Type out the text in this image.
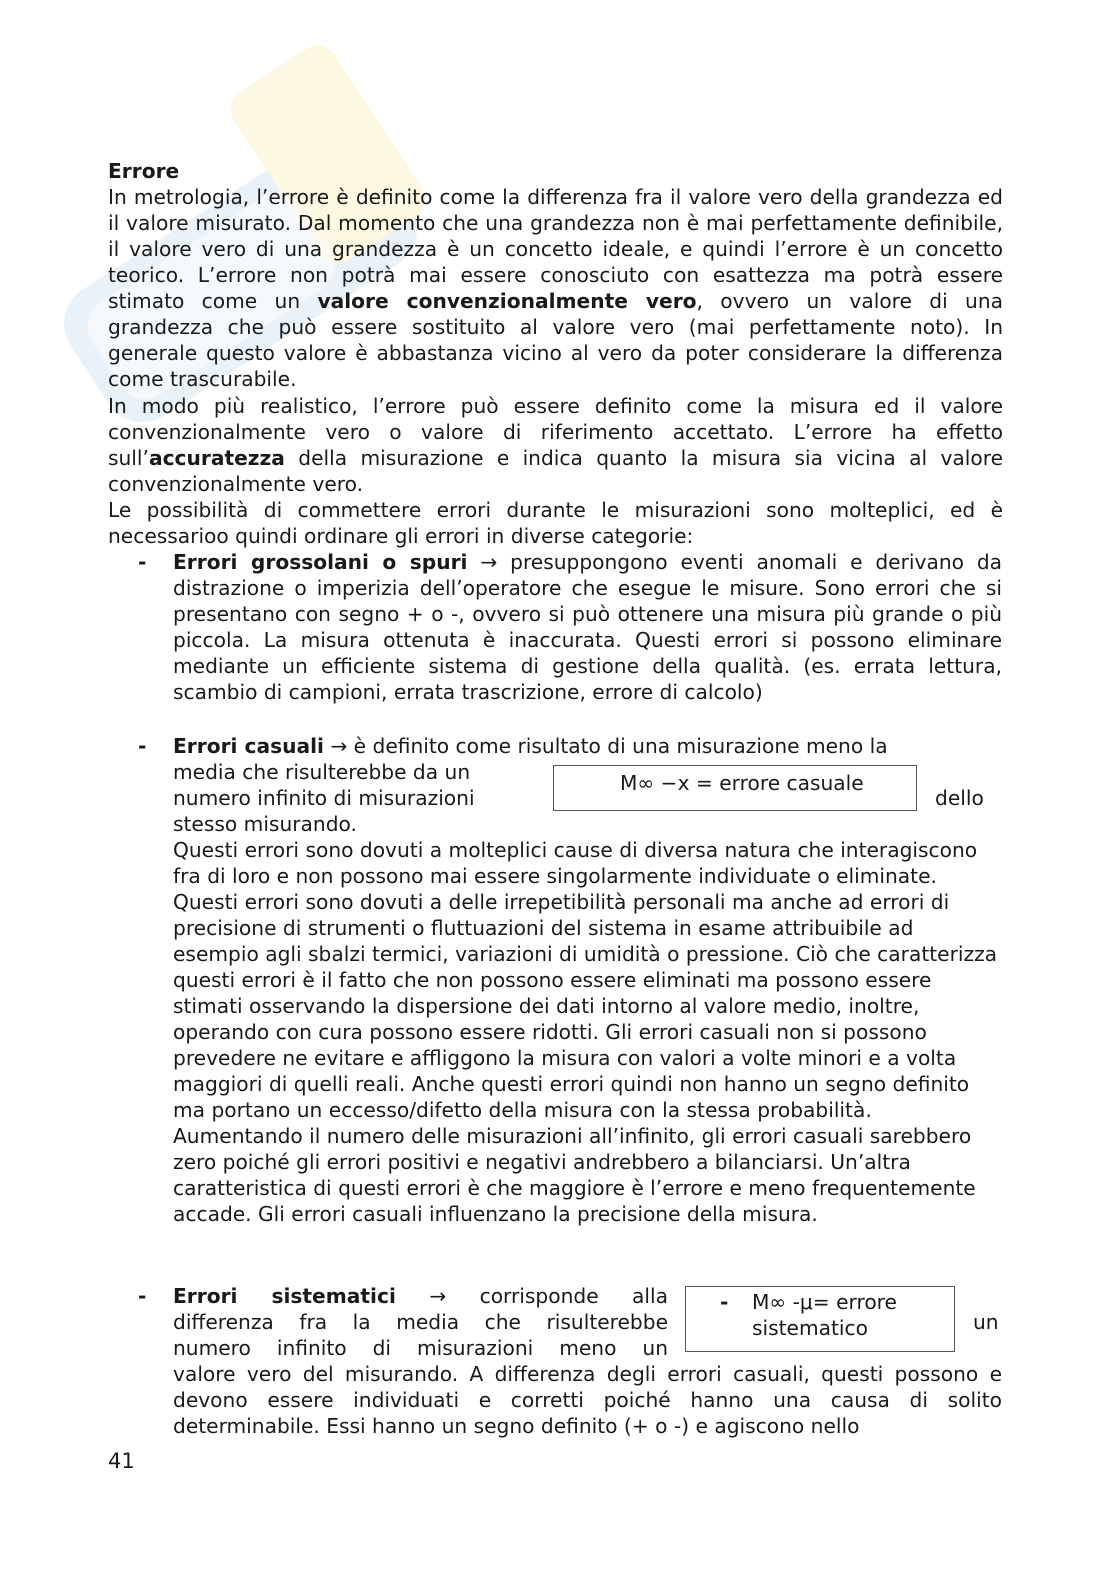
Errore

In metrologia, l’errore è definito come la differenza fra il valore vero della grandezza ed il valore misurato. Dal momento che una grandezza non è mai perfettamente definibile, il valore vero di una grandezza è un concetto ideale, e quindi l’errore è un concetto teorico. L’errore non potrà mai essere conosciuto con esattezza ma potrà essere stimato come un valore convenzionalmente vero, ovvero un valore di una grandezza che può essere sostituito al valore vero (mai perfettamente noto). In generale questo valore è abbastanza vicino al vero da poter considerare la differenza come trascurabile.

In modo più realistico, l’errore può essere definito come la misura ed il valore convenzionalmente vero o valore di riferimento accettato. L’errore ha effetto sull’accuratezza della misurazione e indica quanto la misura sia vicina al valore convenzionalmente vero.

Le possibilità di commettere errori durante le misurazioni sono molteplici, ed è necessarioo quindi ordinare gli errori in diverse categorie:

-	Errori grossolani o spuri → presuppongono eventi anomali e derivano da distrazione o imperizia dell’operatore che esegue le misure. Sono errori che si presentano con segno + o -, ovvero si può ottenere una misura più grande o più piccola. La misura ottenuta è inaccurata. Questi errori si possono eliminare mediante un efficiente sistema di gestione della qualità. (es. errata lettura, scambio di campioni, errata trascrizione, errore di calcolo)
-	Errori casuali → è definito come risultato di una misurazione meno la
media che risulterebbe da un
numero infinito di misurazioni	dello
stesso misurando.
Questi errori sono dovuti a molteplici cause di diversa natura che interagiscono fra di loro e non possono mai essere singolarmente individuate o eliminate. Questi errori sono dovuti a delle irrepetibilità personali ma anche ad errori di precisione di strumenti o fluttuazioni del sistema in esame attribuibile ad esempio agli sbalzi termici, variazioni di umidità o pressione. Ciò che caratterizza questi errori è il fatto che non possono essere eliminati ma possono essere stimati osservando la dispersione dei dati intorno al valore medio, inoltre, operando con cura possono essere ridotti. Gli errori casuali non si possono prevedere ne evitare e affliggono la misura con valori a volte minori e a volta maggiori di quelli reali. Anche questi errori quindi non hanno un segno definito ma portano un eccesso/difetto della misura con la stessa probabilità. Aumentando il numero delle misurazioni all’infinito, gli errori casuali sarebbero zero poiché gli errori positivi e negativi andrebbero a bilanciarsi. Un’altra caratteristica di questi errori è che maggiore è l’errore e meno frequentemente accade. Gli errori casuali influenzano la precisione della misura.
M∞ −x = errore casuale
-	Errori sistematici → corrisponde alla
differenza fra la media che risulterebbe
numero infinito di misurazioni meno un
un
valore vero del misurando. A differenza degli errori casuali, questi possono e devono essere individuati e corretti poiché hanno una causa di solito determinabile. Essi hanno un segno definito (+ o -) e agiscono nello
- M∞ -μ= errore
sistematico
41
